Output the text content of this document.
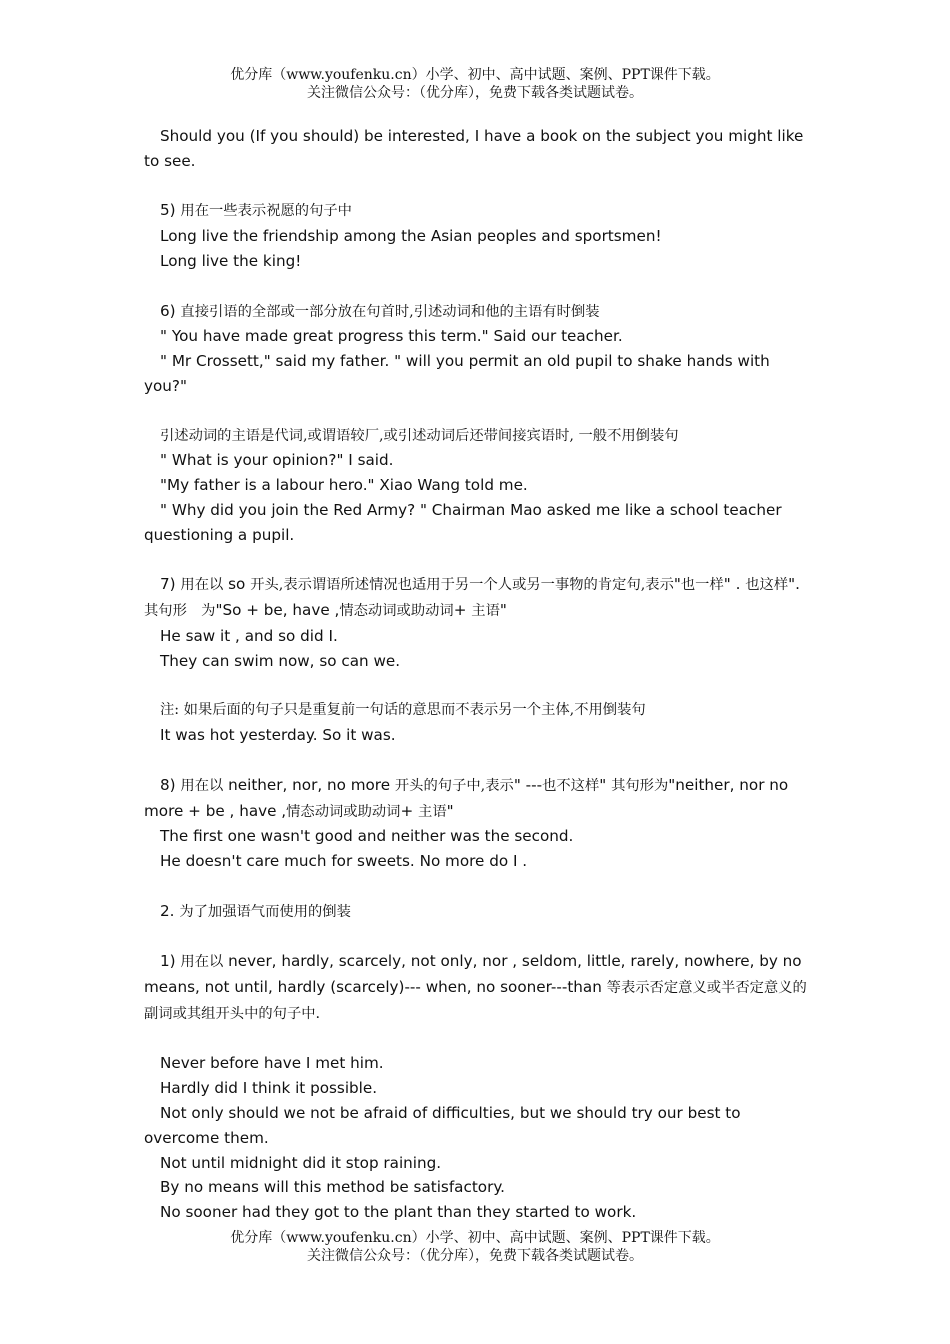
优分库（www.youfenku.cn）小学、初中、高中试题、案例、PPT课件下载。
关注微信公众号：（优分库），免费下载各类试题试卷。

Should you (If you should) be interested, I have a book on the subject you might like to see.

5) 用在一些表示祝愿的句子中

Long live the friendship among the Asian peoples and sportsmen!

Long live the king!

6) 直接引语的全部或一部分放在句首时,引述动词和他的主语有时倒装

" You have made great progress this term." Said our teacher.

" Mr Crossett," said my father. " will you permit an old pupil to shake hands with you?"

引述动词的主语是代词,或谓语较厂,或引述动词后还带间接宾语时, 一般不用倒装句

" What is your opinion?" I said.

"My father is a labour hero." Xiao Wang told me.

" Why did you join the Red Army? " Chairman Mao asked me like a school teacher questioning a pupil.

7) 用在以 so 开头,表示谓语所述情况也适用于另一个人或另一事物的肯定句,表示"也一样" . 也这样". 其句形　为"So + be, have ,情态动词或助动词+ 主语"

He saw it , and so did I.

They can swim now, so can we.

注: 如果后面的句子只是重复前一句话的意思而不表示另一个主体,不用倒装句

It was hot yesterday. So it was.

8) 用在以 neither, nor, no more 开头的句子中,表示" ---也不这样" 其句形为"neither, nor no more + be , have ,情态动词或助动词+ 主语"

The first one wasn't good and neither was the second.

He doesn't care much for sweets. No more do I .

2. 为了加强语气而使用的倒装

1) 用在以 never, hardly, scarcely, not only, nor , seldom, little, rarely, nowhere, by no means, not until, hardly (scarcely)--- when, no sooner---than 等表示否定意义或半否定意义的副词或其组开头中的句子中.

Never before have I met him.

Hardly did I think it possible.

Not only should we not be afraid of difficulties, but we should try our best to overcome them.

Not until midnight did it stop raining.

By no means will this method be satisfactory.

No sooner had they got to the plant than they started to work.

优分库（www.youfenku.cn）小学、初中、高中试题、案例、PPT课件下载。
关注微信公众号：（优分库），免费下载各类试题试卷。
